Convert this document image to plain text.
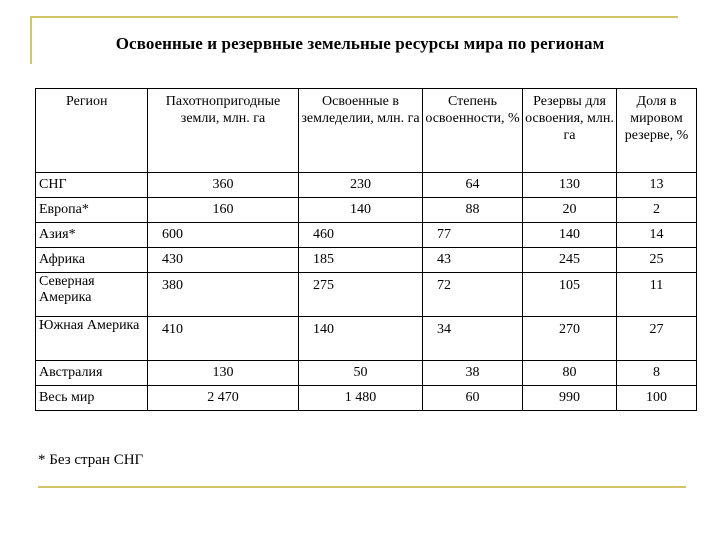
Освоенные и резервные земельные ресурсы мира по регионам
Регион	Пахотнопригодные земли, млн. га	Освоенные в земледелии, млн. га	Степень освоенности, %	Резервы для освоения, млн. га	Доля в мировом резерве, %
СНГ	360	230	64	130	13
Европа*	160	140	88	20	2
Азия*	600	460	77	140	14
Африка	430	185	43	245	25
Северная Америка	380	275	72	105	11
Южная Америка	410	140	34	270	27
Австралия	130	50	38	80	8
Весь мир	2 470	1 480	60	990	100
* Без стран СНГ
